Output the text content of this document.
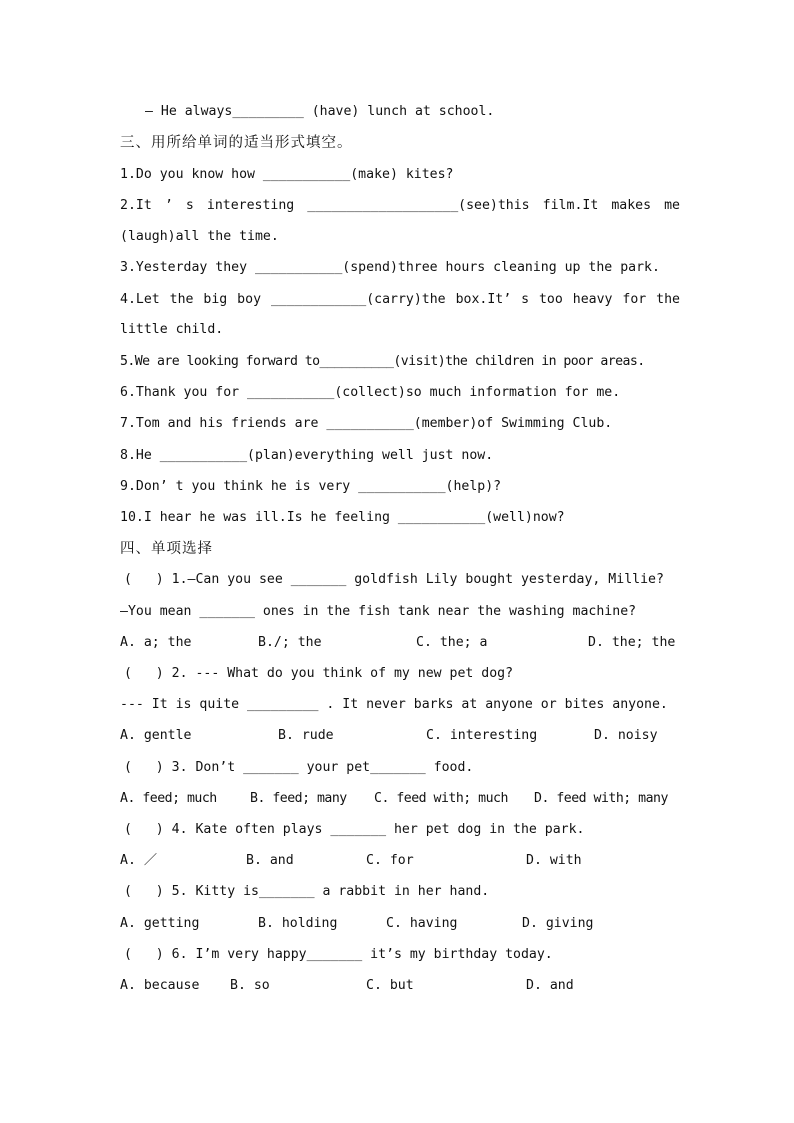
— He always_________ (have) lunch at school.
三、用所给单词的适当形式填空。
1.Do you know how ___________(make) kites?
2.It ’ s interesting ___________________(see)this film.It makes me
(laugh)all the time.
3.Yesterday they ___________(spend)three hours cleaning up the park.
4.Let the big boy ____________(carry)the box.It’ s too heavy for the
little child.
5.We are looking forward to__________(visit)the children in poor areas.
6.Thank you for ___________(collect)so much information for me.
7.Tom and his friends are ___________(member)of Swimming Club.
8.He ___________(plan)everything well just now.
9.Don’ t you think he is very ___________(help)?
10.I hear he was ill.Is he feeling ___________(well)now?
四、单项选择
(   ) 1.—Can you see _______ goldfish Lily bought yesterday, Millie?
—You mean _______ ones in the fish tank near the washing machine?

A. a; the

	B./; the

	C. the; a

	D. the; the

(   ) 2. --- What do you think of my new pet dog?
--- It is quite _________ . It never barks at anyone or bites anyone.

A. gentle

	B. rude

	C. interesting

	D. noisy

(   ) 3. Don’t _______ your pet_______ food.

A. feed; much

	B. feed; many

C. feed with; much

D. feed with; many

(   ) 4. Kate often plays _______ her pet dog in the park.

A. ／

	B. and

	C. for

	D. with

(   ) 5. Kitty is_______ a rabbit in her hand.

A. getting

	B. holding

	C. having

	D. giving

(   ) 6. I’m very happy_______ it’s my birthday today.

A. because

B. so

	C. but

	D. and
